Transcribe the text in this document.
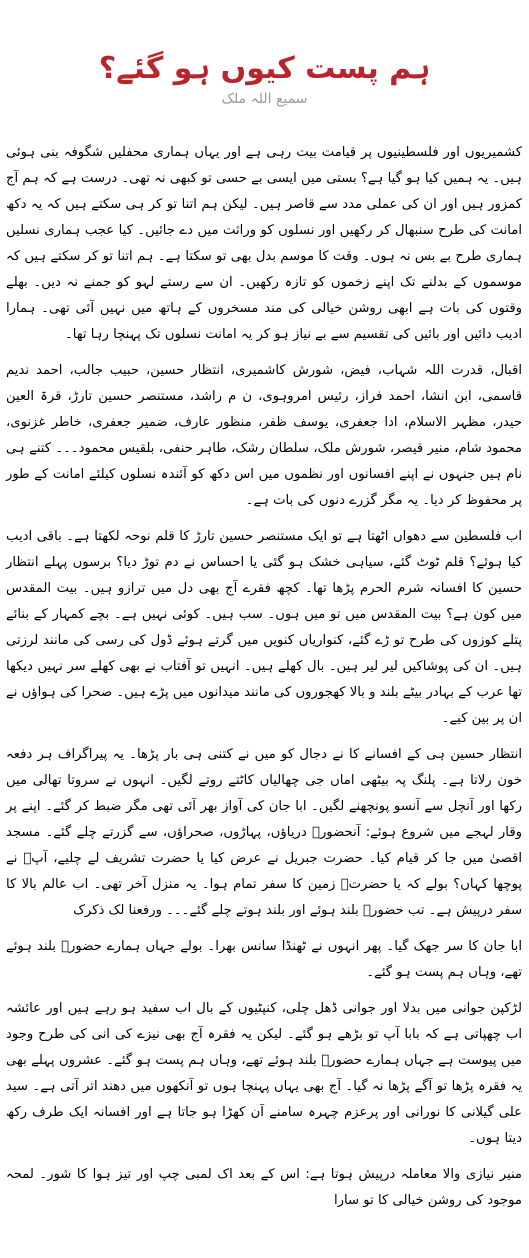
ہم پست کیوں ہو گئے؟
سمیع اللہ ملک

کشمیریوں اور فلسطینیوں پر قیامت بیت رہی ہے اور یہاں ہماری محفلیں شگوفہ بنی ہوئی ہیں۔ یہ ہمیں کیا ہو گیا ہے؟ بستی میں ایسی بے حسی تو کبھی نہ تھی۔ درست ہے کہ ہم آج کمزور ہیں اور ان کی عملی مدد سے قاصر ہیں۔ لیکن ہم اتنا تو کر ہی سکتے ہیں کہ یہ دکھ امانت کی طرح سنبھال کر رکھیں اور نسلوں کو وراثت میں دے جائیں۔ کیا عجب ہماری نسلیں ہماری طرح بے بس نہ ہوں۔ وقت کا موسم بدل بھی تو سکتا ہے۔ ہم اتنا تو کر سکتے ہیں کہ موسموں کے بدلنے تک اپنے زخموں کو تازہ رکھیں۔ ان سے رستے لہو کو جمنے نہ دیں۔ بھلے وقتوں کی بات ہے ابھی روشن خیالی کی مند مسخروں کے ہاتھ میں نہیں آئی تھی۔ ہمارا ادیب دائیں اور بائیں کی تقسیم سے بے نیاز ہو کر یہ امانت نسلوں تک پہنچا رہا تھا۔

اقبال، قدرت اللہ شہاب، فیض، شورش کاشمیری، انتظار حسین، حبیب جالب، احمد ندیم قاسمی، ابن انشا، احمد فراز، رئیس امروہوی، ن م راشد، مستنصر حسین تارڑ، قرۃ العین حیدر، مظہر الاسلام، ادا جعفری، یوسف ظفر، منظور عارف، ضمیر جعفری، خاطر غزنوی، محمود شام، منیر قیصر، شورش ملک، سلطان رشک، طاہر حنفی، بلقیس محمود۔۔۔ کتنے ہی نام ہیں جنہوں نے اپنے افسانوں اور نظموں میں اس دکھ کو آئندہ نسلوں کیلئے امانت کے طور پر محفوظ کر دیا۔ یہ مگر گزرے دنوں کی بات ہے۔

اب فلسطین سے دھواں اٹھتا ہے تو ایک مستنصر حسین تارڑ کا قلم نوحہ لکھتا ہے۔ باقی ادیب کیا ہوئے؟ قلم ٹوٹ گئے، سیاہی خشک ہو گئی یا احساس نے دم توڑ دیا؟ برسوں پہلے انتظار حسین کا افسانہ شرم الحرم پڑھا تھا۔ کچھ فقرے آج بھی دل میں ترازو ہیں۔ بیت المقدس میں کون ہے؟ بیت المقدس میں تو میں ہوں۔ سب ہیں۔ کوئی نہیں ہے۔ بچے کمہار کے بنائے پتلے کوزوں کی طرح تو ڑے گئے، کنواریاں کنویں میں گرتے ہوئے ڈول کی رسی کی مانند لرزتی ہیں۔ ان کی پوشاکیں لیر لیر ہیں۔ بال کھلے ہیں۔ انہیں تو آفتاب نے بھی کھلے سر نہیں دیکھا تھا عرب کے بہادر بیٹے بلند و بالا کھجوروں کی مانند میدانوں میں پڑے ہیں۔ صحرا کی ہواؤں نے ان پر بین کیے۔

انتظار حسین ہی کے افسانے کا نے دجال کو میں نے کتنی ہی بار پڑھا۔ یہ پیراگراف ہر دفعہ خون رلاتا ہے۔ پلنگ پہ بیٹھی اماں جی چھالیاں کاٹتے روتے لگیں۔ انہوں نے سروتا تھالی میں رکھا اور آنچل سے آنسو پونچھنے لگیں۔ ابا جان کی آواز بھر آئی تھی مگر ضبط کر گئے۔ اپنے پر وقار لہجے میں شروع ہوئے: آنحضورؐ دریاؤں، پہاڑوں، صحراؤں، سے گزرتے چلے گئے۔ مسجد اقصیٰ میں جا کر قیام کیا۔ حضرت جبریل نے عرض کیا یا حضرت تشریف لے چلیے، آپؐ نے پوچھا کہاں؟ بولے کہ یا حضرتؐ زمین کا سفر تمام ہوا۔ یہ منزل آخر تھی۔ اب عالم بالا کا سفر درپیش ہے۔ تب حضورؐ بلند ہوئے اور بلند ہوتے چلے گئے۔۔۔ ورفعنا لک ذکرک

ابا جان کا سر جھک گیا۔ پھر انہوں نے ٹھنڈا سانس بھرا۔ بولے جہاں ہمارے حضورؐ بلند ہوئے تھے، وہاں ہم پست ہو گئے۔

لڑکپن جوانی میں بدلا اور جوانی ڈھل چلی، کنپٹیوں کے بال اب سفید ہو رہے ہیں اور عائشہ اب چھپاتی ہے کہ بابا آپ تو بڑھے ہو گئے۔ لیکن یہ فقرہ آج بھی نیزے کی انی کی طرح وجود میں پیوست ہے جہاں ہمارے حضورؐ بلند ہوئے تھے، وہاں ہم پست ہو گئے۔ عشروں پہلے بھی یہ فقرہ پڑھا تو آگے پڑھا نہ گیا۔ آج بھی یہاں پہنچا ہوں تو آنکھوں میں دھند اتر آتی ہے۔ سید علی گیلانی کا نورانی اور پرعزم چہرہ سامنے آن کھڑا ہو جاتا ہے اور افسانہ ایک طرف رکھ دیتا ہوں۔

منیر نیازی والا معاملہ درپیش ہوتا ہے: اس کے بعد اک لمبی چپ اور تیز ہوا کا شور۔ لمحہ موجود کی روشن خیالی کا تو سارا
